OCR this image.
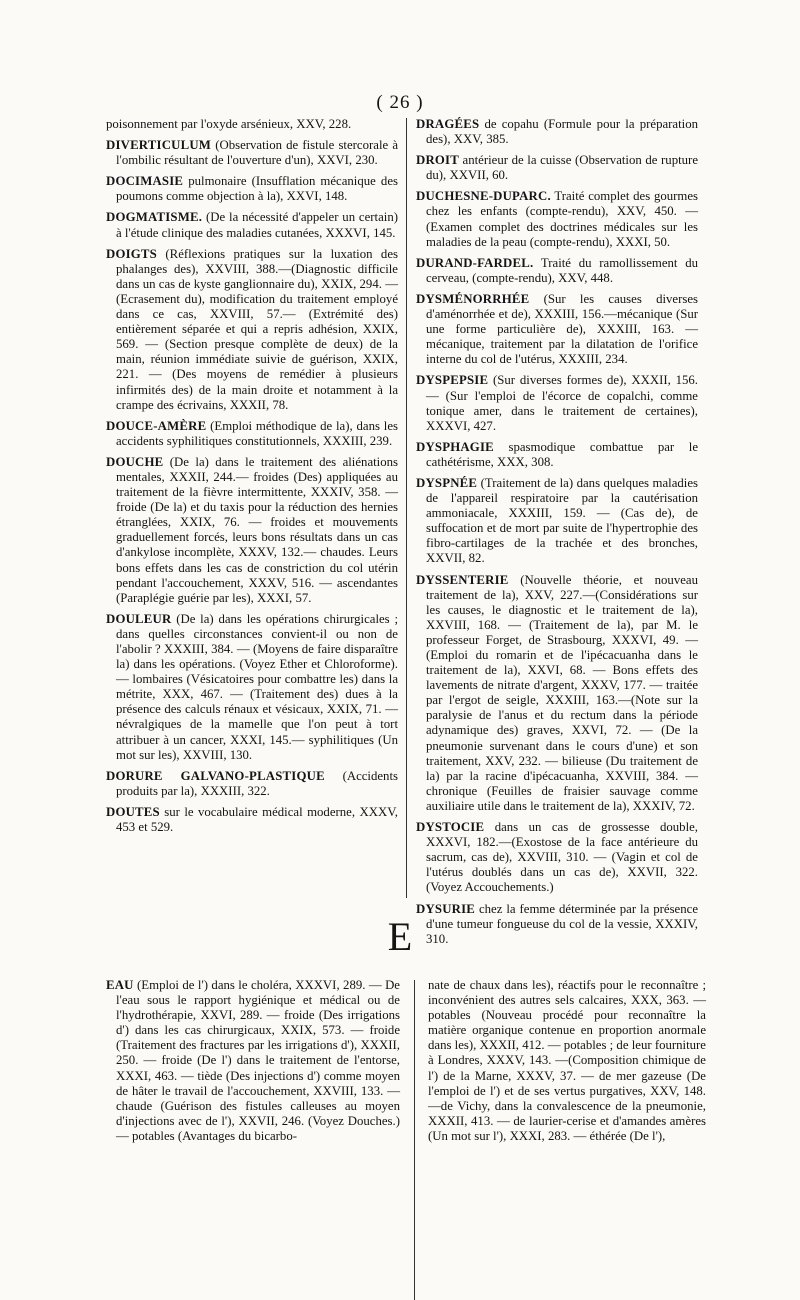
( 26 )

poisonnement par l'oxyde arsénieux, XXV, 228.

DIVERTICULUM (Observation de fistule stercorale à l'ombilic résultant de l'ouverture d'un), XXVI, 230.

DOCIMASIE pulmonaire (Insufflation mécanique des poumons comme objection à la), XXVI, 148.

DOGMATISME. (De la nécessité d'appeler un certain) à l'étude clinique des maladies cutanées, XXXVI, 145.

DOIGTS (Réflexions pratiques sur la luxation des phalanges des), XXVIII, 388.—(Diagnostic difficile dans un cas de kyste ganglionnaire du), XXIX, 294. — (Ecrasement du), modification du traitement employé dans ce cas, XXVIII, 57.— (Extrémité des) entièrement séparée et qui a repris adhésion, XXIX, 569. — (Section presque complète de deux) de la main, réunion immédiate suivie de guérison, XXIX, 221. — (Des moyens de remédier à plusieurs infirmités des) de la main droite et notamment à la crampe des écrivains, XXXII, 78.

DOUCE-AMÈRE (Emploi méthodique de la), dans les accidents syphilitiques constitutionnels, XXXIII, 239.

DOUCHE (De la) dans le traitement des aliénations mentales, XXXII, 244.— froides (Des) appliquées au traitement de la fièvre intermittente, XXXIV, 358. — froide (De la) et du taxis pour la réduction des hernies étranglées, XXIX, 76. — froides et mouvements graduellement forcés, leurs bons résultats dans un cas d'ankylose incomplète, XXXV, 132.— chaudes. Leurs bons effets dans les cas de constriction du col utérin pendant l'accouchement, XXXV, 516. — ascendantes (Paraplégie guérie par les), XXXI, 57.

DOULEUR (De la) dans les opérations chirurgicales ; dans quelles circonstances convient-il ou non de l'abolir ? XXXIII, 384. — (Moyens de faire disparaître la) dans les opérations. (Voyez Ether et Chloroforme). — lombaires (Vésicatoires pour combattre les) dans la métrite, XXX, 467. — (Traitement des) dues à la présence des calculs rénaux et vésicaux, XXIX, 71. — névralgiques de la mamelle que l'on peut à tort attribuer à un cancer, XXXI, 145.— syphilitiques (Un mot sur les), XXVIII, 130.

DORURE GALVANO-PLASTIQUE (Accidents produits par la), XXXIII, 322.

DOUTES sur le vocabulaire médical moderne, XXXV, 453 et 529.

DRAGÉES de copahu (Formule pour la préparation des), XXV, 385.

DROIT antérieur de la cuisse (Observation de rupture du), XXVII, 60.

DUCHESNE-DUPARC. Traité complet des gourmes chez les enfants (compte-rendu), XXV, 450. — (Examen complet des doctrines médicales sur les maladies de la peau (compte-rendu), XXXI, 50.

DURAND-FARDEL. Traité du ramollissement du cerveau, (compte-rendu), XXV, 448.

DYSMÉNORRHÉE (Sur les causes diverses d'aménorrhée et de), XXXIII, 156.—mécanique (Sur une forme particulière de), XXXIII, 163. — mécanique, traitement par la dilatation de l'orifice interne du col de l'utérus, XXXIII, 234.

DYSPEPSIE (Sur diverses formes de), XXXII, 156. — (Sur l'emploi de l'écorce de copalchi, comme tonique amer, dans le traitement de certaines), XXXVI, 427.

DYSPHAGIE spasmodique combattue par le cathétérisme, XXX, 308.

DYSPNÉE (Traitement de la) dans quelques maladies de l'appareil respiratoire par la cautérisation ammoniacale, XXXIII, 159. — (Cas de), de suffocation et de mort par suite de l'hypertrophie des fibro-cartilages de la trachée et des bronches, XXVII, 82.

DYSSENTERIE (Nouvelle théorie, et nouveau traitement de la), XXV, 227.—(Considérations sur les causes, le diagnostic et le traitement de la), XXVIII, 168. — (Traitement de la), par M. le professeur Forget, de Strasbourg, XXXVI, 49. — (Emploi du romarin et de l'ipécacuanha dans le traitement de la), XXVI, 68. — Bons effets des lavements de nitrate d'argent, XXXV, 177. — traitée par l'ergot de seigle, XXXIII, 163.—(Note sur la paralysie de l'anus et du rectum dans la période adynamique des) graves, XXVI, 72. — (De la pneumonie survenant dans le cours d'une) et son traitement, XXV, 232. — bilieuse (Du traitement de la) par la racine d'ipécacuanha, XXVIII, 384. — chronique (Feuilles de fraisier sauvage comme auxiliaire utile dans le traitement de la), XXXIV, 72.

DYSTOCIE dans un cas de grossesse double, XXXVI, 182.—(Exostose de la face antérieure du sacrum, cas de), XXVIII, 310. — (Vagin et col de l'utérus doublés dans un cas de), XXVII, 322. (Voyez Accouchements.)

DYSURIE chez la femme déterminée par la présence d'une tumeur fongueuse du col de la vessie, XXXIV, 310.

E

EAU (Emploi de l') dans le choléra, XXXVI, 289. — De l'eau sous le rapport hygiénique et médical ou de l'hydrothérapie, XXVI, 289. — froide (Des irrigations d') dans les cas chirurgicaux, XXIX, 573. — froide (Traitement des fractures par les irrigations d'), XXXII, 250. — froide (De l') dans le traitement de l'entorse, XXXI, 463. — tiède (Des injections d') comme moyen de hâter le travail de l'accouchement, XXVIII, 133. — chaude (Guérison des fistules calleuses au moyen d'injections avec de l'), XXVII, 246. (Voyez Douches.) — potables (Avantages du bicarbo-

nate de chaux dans les), réactifs pour le reconnaître ; inconvénient des autres sels calcaires, XXX, 363. — potables (Nouveau procédé pour reconnaître la matière organique contenue en proportion anormale dans les), XXXII, 412. — potables ; de leur fourniture à Londres, XXXV, 143. —(Composition chimique de l') de la Marne, XXXV, 37. — de mer gazeuse (De l'emploi de l') et de ses vertus purgatives, XXV, 148.—de Vichy, dans la convalescence de la pneumonie, XXXII, 413. — de laurier-cerise et d'amandes amères (Un mot sur l'), XXXI, 283. — éthérée (De l'),
